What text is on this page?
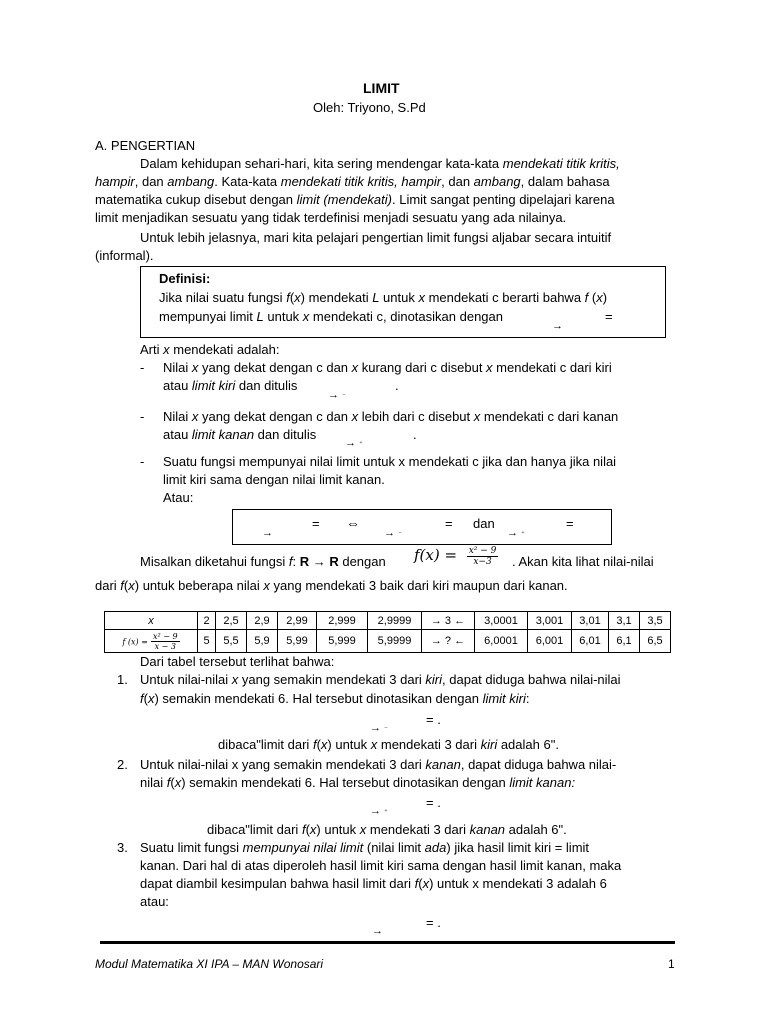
LIMIT
Oleh: Triyono, S.Pd
A. PENGERTIAN
Dalam kehidupan sehari-hari, kita sering mendengar kata-kata mendekati titik kritis,
hampir, dan ambang. Kata-kata mendekati titik kritis, hampir, dan ambang, dalam bahasa
matematika cukup disebut dengan limit (mendekati). Limit sangat penting dipelajari karena
limit menjadikan sesuatu yang tidak terdefinisi menjadi sesuatu yang ada nilainya.
Untuk lebih jelasnya, mari kita pelajari pengertian limit fungsi aljabar secara intuitif
(informal).
Definisi:
Jika nilai suatu fungsi f(x) mendekati L untuk x mendekati c berarti bahwa f (x)
mempunyai limit L untuk x mendekati c, dinotasikan dengan
→
=
Arti x mendekati adalah:
- Nilai x yang dekat dengan c dan x kurang dari c disebut x mendekati c dari kiri
atau limit kiri dan ditulis
→ ⁻
.
- Nilai x yang dekat dengan c dan x lebih dari c disebut x mendekati c dari kanan
atau limit kanan dan ditulis
→ ⁺
.
- Suatu fungsi mempunyai nilai limit untuk x mendekati c jika dan hanya jika nilai
limit kiri sama dengan nilai limit kanan.
Atau:
→
= ⇔
→ ⁻
= dan
→ ⁺
=
Misalkan diketahui fungsi f: R → R dengan $f(x) = \frac{\text{x² − 9}}{x-3}$ . Akan kita lihat nilai-nilai
dari f(x) untuk beberapa nilai x yang mendekati 3 baik dari kiri maupun dari kanan.
x	2	2,5	2,9	2,99	2,999	2,9999	→ 3 ←	3,0001	3,001	3,01	3,1	3,5
f $(x) = \frac{\text{x² − 9}}{x - 3}$	5	5,5	5,9	5,99	5,999	5,9999	→ ? ←	6,0001	6,001	6,01	6,1	6,5
Dari tabel tersebut terlihat bahwa:
1. Untuk nilai-nilai x yang semakin mendekati 3 dari kiri, dapat diduga bahwa nilai-nilai
f(x) semakin mendekati 6. Hal tersebut dinotasikan dengan limit kiri:
→ ⁻
= .
dibaca"limit dari f(x) untuk x mendekati 3 dari kiri adalah 6".
2. Untuk nilai-nilai x yang semakin mendekati 3 dari kanan, dapat diduga bahwa nilai-
nilai f(x) semakin mendekati 6. Hal tersebut dinotasikan dengan limit kanan:
→ ⁺
= .
dibaca"limit dari f(x) untuk x mendekati 3 dari kanan adalah 6".
3. Suatu limit fungsi mempunyai nilai limit (nilai limit ada) jika hasil limit kiri = limit
kanan. Dari hal di atas diperoleh hasil limit kiri sama dengan hasil limit kanan, maka
dapat diambil kesimpulan bahwa hasil limit dari f(x) untuk x mendekati 3 adalah 6
atau:
→
= .
Modul Matematika XI IPA – MAN Wonosari	1
